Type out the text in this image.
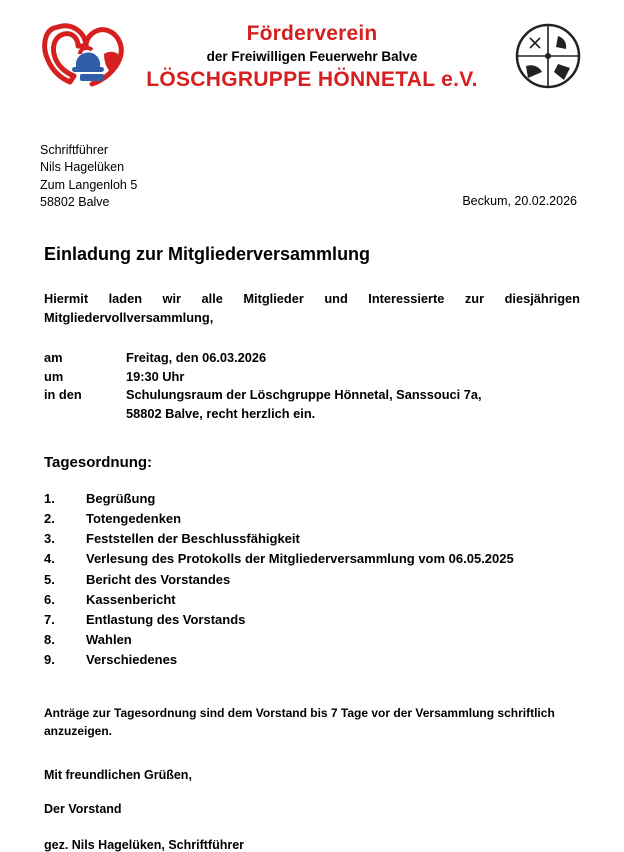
Förderverein
der Freiwilligen Feuerwehr Balve
LÖSCHGRUPPE HÖNNETAL e.V.
Schriftführer
Nils Hagelüken
Zum Langenloh 5
58802 Balve	Beckum, 20.02.2026
Einladung zur Mitgliederversammlung
Hiermit laden wir alle Mitglieder und Interessierte zur diesjährigen Mitgliedervollversammlung,
am	Freitag, den 06.03.2026
um	19:30 Uhr
in den	Schulungsraum der Löschgruppe Hönnetal, Sanssouci 7a,
58802 Balve, recht herzlich ein.
Tagesordnung:
1.	Begrüßung
2.	Totengedenken
3.	Feststellen der Beschlussfähigkeit
4.	Verlesung des Protokolls der Mitgliederversammlung vom 06.05.2025
5.	Bericht des Vorstandes
6.	Kassenbericht
7.	Entlastung des Vorstands
8.	Wahlen
9.	Verschiedenes
Anträge zur Tagesordnung sind dem Vorstand bis 7 Tage vor der Versammlung schriftlich anzuzeigen.
Mit freundlichen Grüßen,
Der Vorstand
gez. Nils Hagelüken, Schriftführer
